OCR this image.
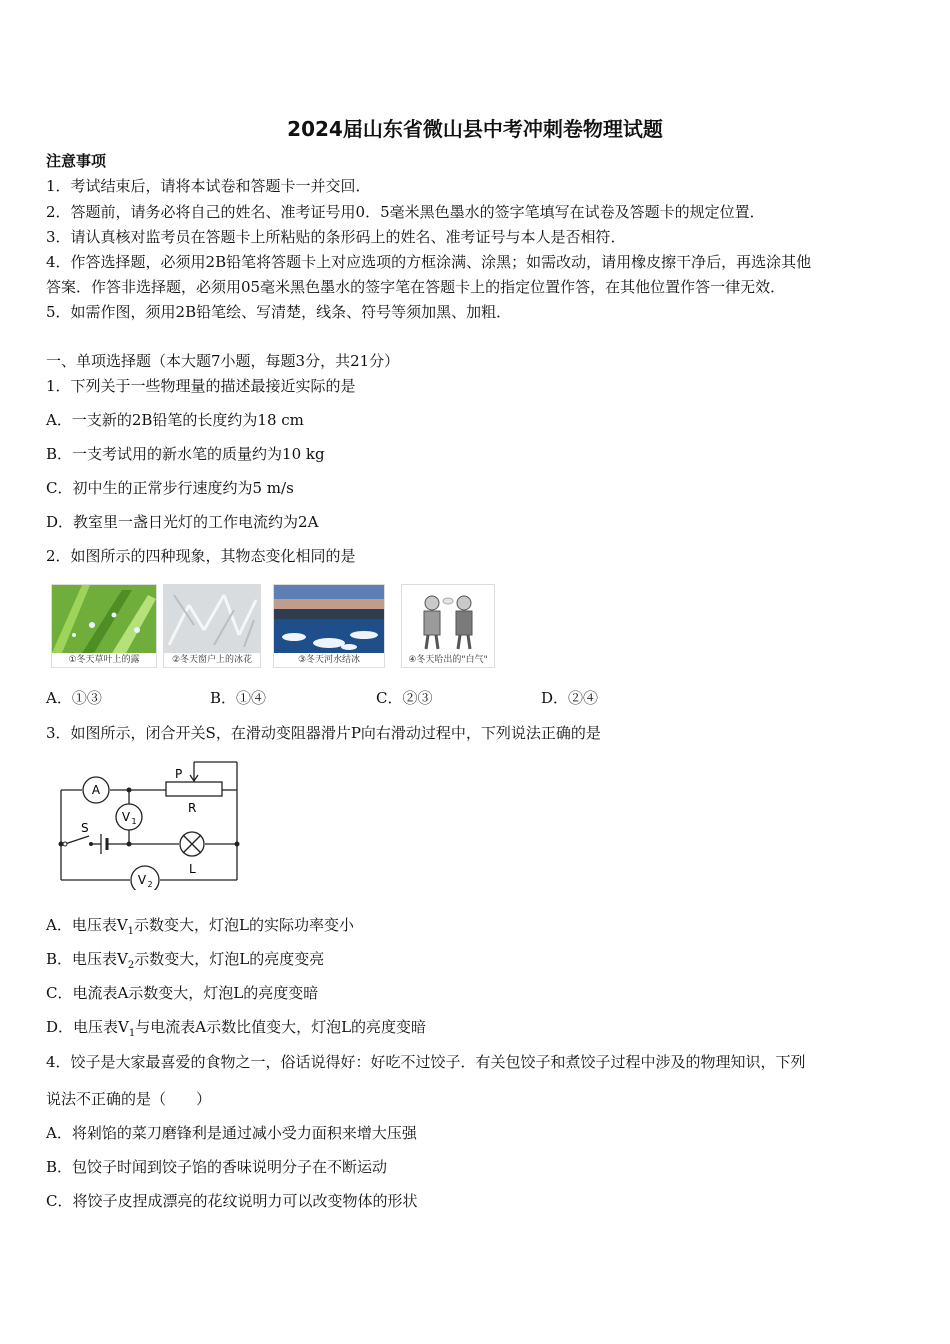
2024届山东省微山县中考冲刺卷物理试题
注意事项
1．考试结束后，请将本试卷和答题卡一并交回．
2．答题前，请务必将自己的姓名、准考证号用0．5毫米黑色墨水的签字笔填写在试卷及答题卡的规定位置．
3．请认真核对监考员在答题卡上所粘贴的条形码上的姓名、准考证号与本人是否相符．
4．作答选择题，必须用2B铅笔将答题卡上对应选项的方框涂满、涂黑；如需改动，请用橡皮擦干净后，再选涂其他
答案．作答非选择题，必须用05毫米黑色墨水的签字笔在答题卡上的指定位置作答，在其他位置作答一律无效．
5．如需作图，须用2B铅笔绘、写清楚，线条、符号等须加黑、加粗．
一、单项选择题（本大题7小题，每题3分，共21分）
1．下列关于一些物理量的描述最接近实际的是
A．一支新的2B铅笔的长度约为18 cm
B．一支考试用的新水笔的质量约为10 kg
C．初中生的正常步行速度约为5 m/s
D．教室里一盏日光灯的工作电流约为2A
2．如图所示的四种现象，其物态变化相同的是
①冬天草叶上的露	②冬天窗户上的冰花	③冬天河水结冰	④冬天哈出的"白气"
A．①③	B．①④	C．②③	D．②④
3．如图所示，闭合开关S，在滑动变阻器滑片P向右滑动过程中，下列说法正确的是
A
V 1
V 2
S
P
R
L
A．电压表$V_1$示数变大，灯泡L的实际功率变小
B．电压表$V_2$示数变大，灯泡L的亮度变亮
C．电流表A示数变大，灯泡L的亮度变暗
D．电压表$V_1$与电流表A示数比值变大，灯泡L的亮度变暗
4．饺子是大家最喜爱的食物之一，俗话说得好：好吃不过饺子．有关包饺子和煮饺子过程中涉及的物理知识，下列
说法不正确的是（　　）
A．将剁馅的菜刀磨锋利是通过减小受力面积来增大压强
B．包饺子时闻到饺子馅的香味说明分子在不断运动
C．将饺子皮捏成漂亮的花纹说明力可以改变物体的形状
